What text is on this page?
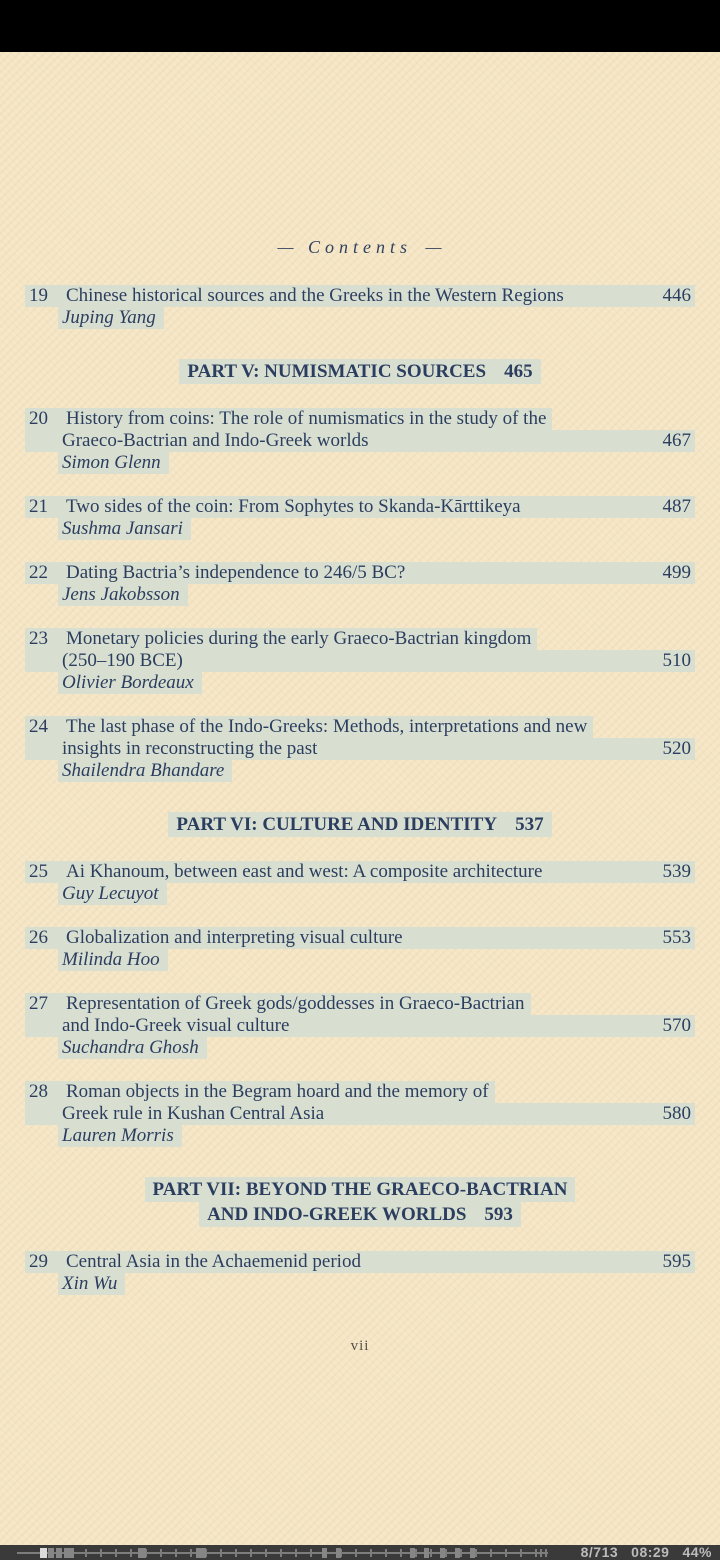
— Contents —
19 Chinese historical sources and the Greeks in the Western Regions	446
Juping Yang
PART V: NUMISMATIC SOURCES 465
20 History from coins: The role of numismatics in the study of the
Graeco-Bactrian and Indo-Greek worlds	467
Simon Glenn
21 Two sides of the coin: From Sophytes to Skanda-Kārttikeya	487
Sushma Jansari
22 Dating Bactria’s independence to 246/5 BC?	499
Jens Jakobsson
23 Monetary policies during the early Graeco-Bactrian kingdom
(250–190 BCE)	510
Olivier Bordeaux
24 The last phase of the Indo-Greeks: Methods, interpretations and new
insights in reconstructing the past	520
Shailendra Bhandare
PART VI: CULTURE AND IDENTITY 537
25 Ai Khanoum, between east and west: A composite architecture	539
Guy Lecuyot
26 Globalization and interpreting visual culture	553
Milinda Hoo
27 Representation of Greek gods/goddesses in Graeco-Bactrian
and Indo-Greek visual culture	570
Suchandra Ghosh
28 Roman objects in the Begram hoard and the memory of
Greek rule in Kushan Central Asia	580
Lauren Morris
PART VII: BEYOND THE GRAECO-BACTRIAN
AND INDO-GREEK WORLDS 593
29 Central Asia in the Achaemenid period	595
Xin Wu
vii
8/713 08:29 44%
